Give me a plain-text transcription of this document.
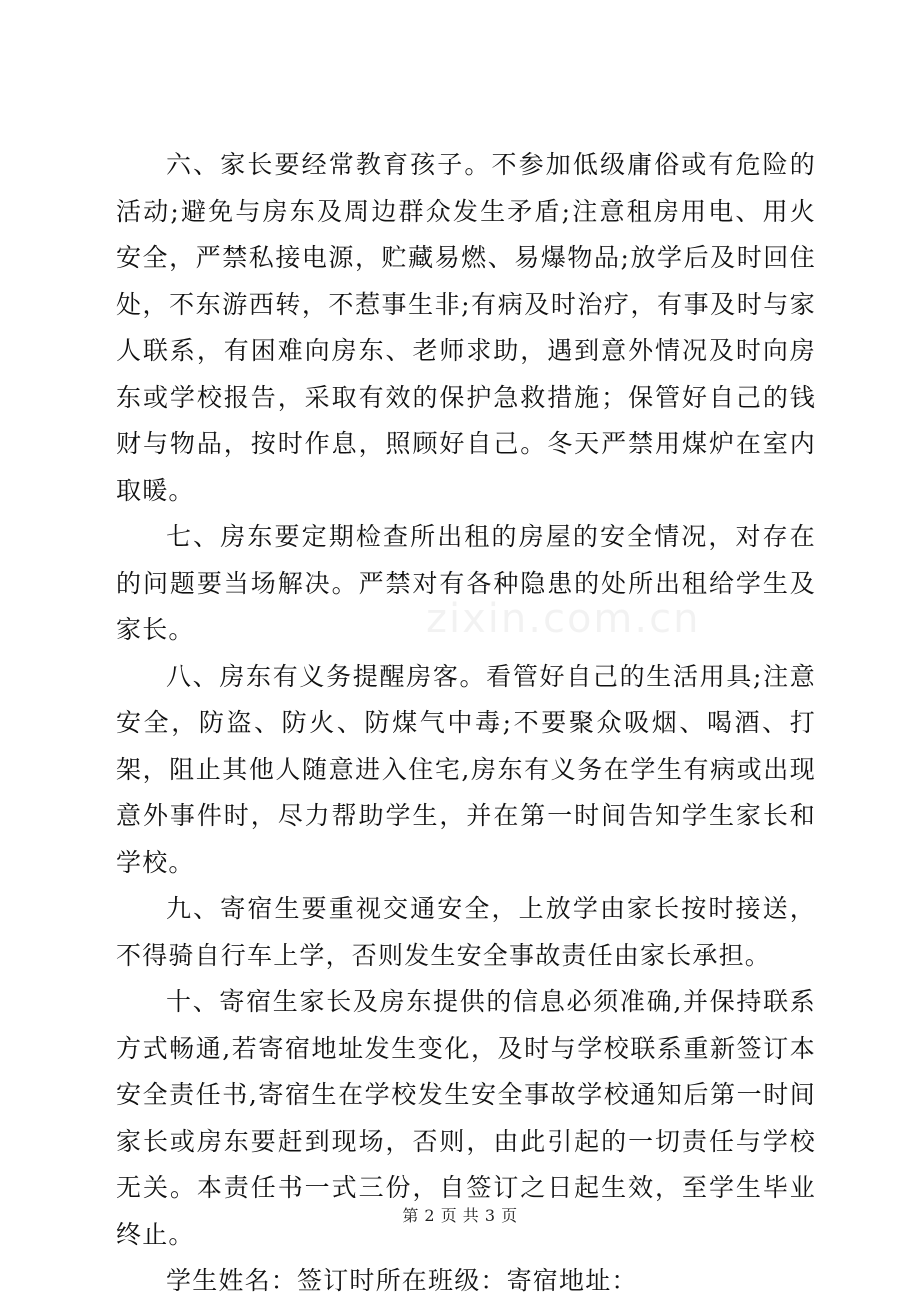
zixin.com.cn

六、家长要经常教育孩子。不参加低级庸俗或有危险的活动;避免与房东及周边群众发生矛盾;注意租房用电、用火安全，严禁私接电源，贮藏易燃、易爆物品;放学后及时回住处，不东游西转，不惹事生非;有病及时治疗，有事及时与家人联系，有困难向房东、老师求助，遇到意外情况及时向房东或学校报告，采取有效的保护急救措施；保管好自己的钱财与物品，按时作息，照顾好自己。冬天严禁用煤炉在室内取暖。

七、房东要定期检查所出租的房屋的安全情况，对存在的问题要当场解决。严禁对有各种隐患的处所出租给学生及家长。

八、房东有义务提醒房客。看管好自己的生活用具;注意安全，防盗、防火、防煤气中毒;不要聚众吸烟、喝酒、打架，阻止其他人随意进入住宅,房东有义务在学生有病或出现意外事件时，尽力帮助学生，并在第一时间告知学生家长和学校。

九、寄宿生要重视交通安全，上放学由家长按时接送，不得骑自行车上学，否则发生安全事故责任由家长承担。

十、寄宿生家长及房东提供的信息必须准确,并保持联系方式畅通,若寄宿地址发生变化，及时与学校联系重新签订本安全责任书,寄宿生在学校发生安全事故学校通知后第一时间家长或房东要赶到现场，否则，由此引起的一切责任与学校无关。本责任书一式三份，自签订之日起生效，至学生毕业终止。

学生姓名：签订时所在班级：寄宿地址：

第 2 页 共 3 页
